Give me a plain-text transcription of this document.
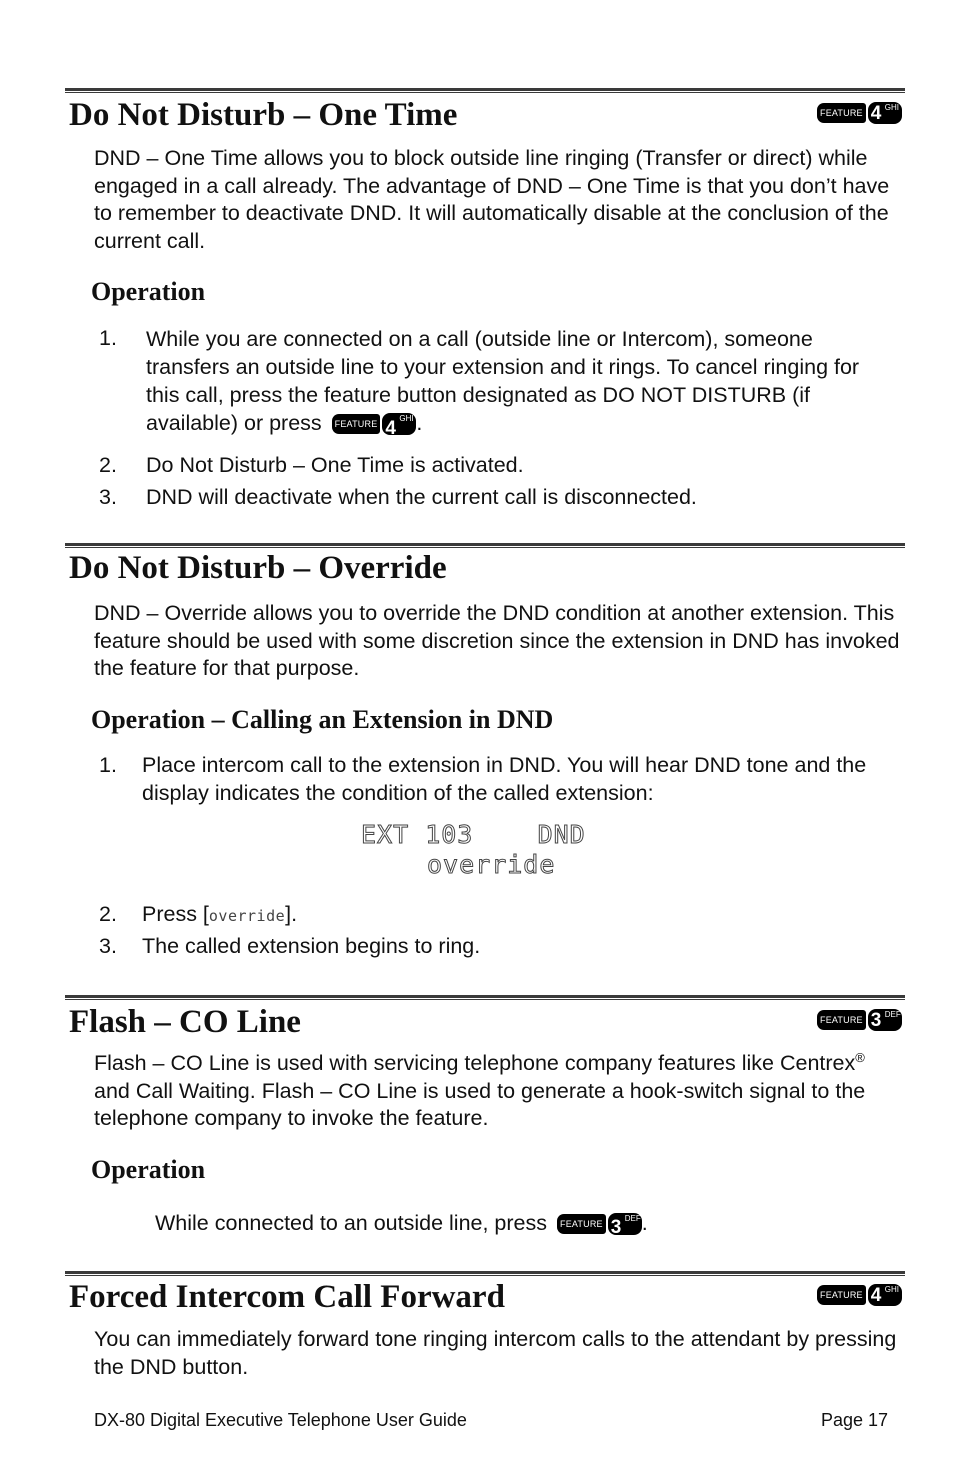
Do Not Disturb – One Time	FEATURE 4 GHI

DND – One Time allows you to block outside line ringing (Transfer or direct) while engaged in a call already. The advantage of DND – One Time is that you don’t have to remember to deactivate DND. It will automatically disable at the conclusion of the current call.

Operation
1. While you are connected on a call (outside line or Intercom), someone transfers an outside line to your extension and it rings. To cancel ringing for this call, press the feature button designated as DO NOT DISTURB (if available) or press	FEATURE 4 GHI .
2. Do Not Disturb – One Time is activated.
3. DND will deactivate when the current call is disconnected.
Do Not Disturb – Override

DND – Override allows you to override the DND condition at another extension. This feature should be used with some discretion since the extension in DND has invoked the feature for that purpose.

Operation – Calling an Extension in DND
1. Place intercom call to the extension in DND. You will hear DND tone and the display indicates the condition of the called extension:
EXT 103    DND
override
2. Press [override].
3. The called extension begins to ring.
Flash – CO Line	FEATURE 3 DEF

Flash – CO Line is used with servicing telephone company features like Centrex® and Call Waiting. Flash – CO Line is used to generate a hook-switch signal to the telephone company to invoke the feature.

Operation
While connected to an outside line, press	FEATURE 3 DEF .
Forced Intercom Call Forward	FEATURE 4 GHI

You can immediately forward tone ringing intercom calls to the attendant by pressing the DND button.

DX-80 Digital Executive Telephone User Guide	Page 17
